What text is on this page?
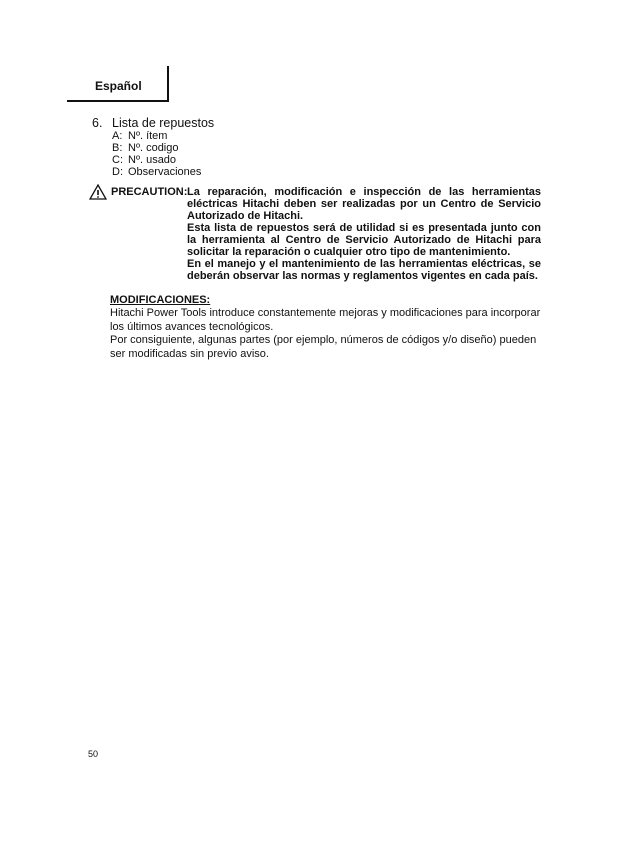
Español
6. Lista de repuestos
A: Nº. ítem
B: Nº. codigo
C: Nº. usado
D: Observaciones
PRECAUTION: La reparación, modificación e inspección de las herramientas eléctricas Hitachi deben ser realizadas por un Centro de Servicio Autorizado de Hitachi.

Esta lista de repuestos será de utilidad si es presentada junto con la herramienta al Centro de Servicio Autorizado de Hitachi para solicitar la reparación o cualquier otro tipo de mantenimiento.

En el manejo y el mantenimiento de las herramientas eléctricas, se deberán observar las normas y reglamentos vigentes en cada país.

MODIFICACIONES:

Hitachi Power Tools introduce constantemente mejoras y modificaciones para incorporar los últimos avances tecnológicos.

Por consiguiente, algunas partes (por ejemplo, números de códigos y/o diseño) pueden ser modificadas sin previo aviso.

50
